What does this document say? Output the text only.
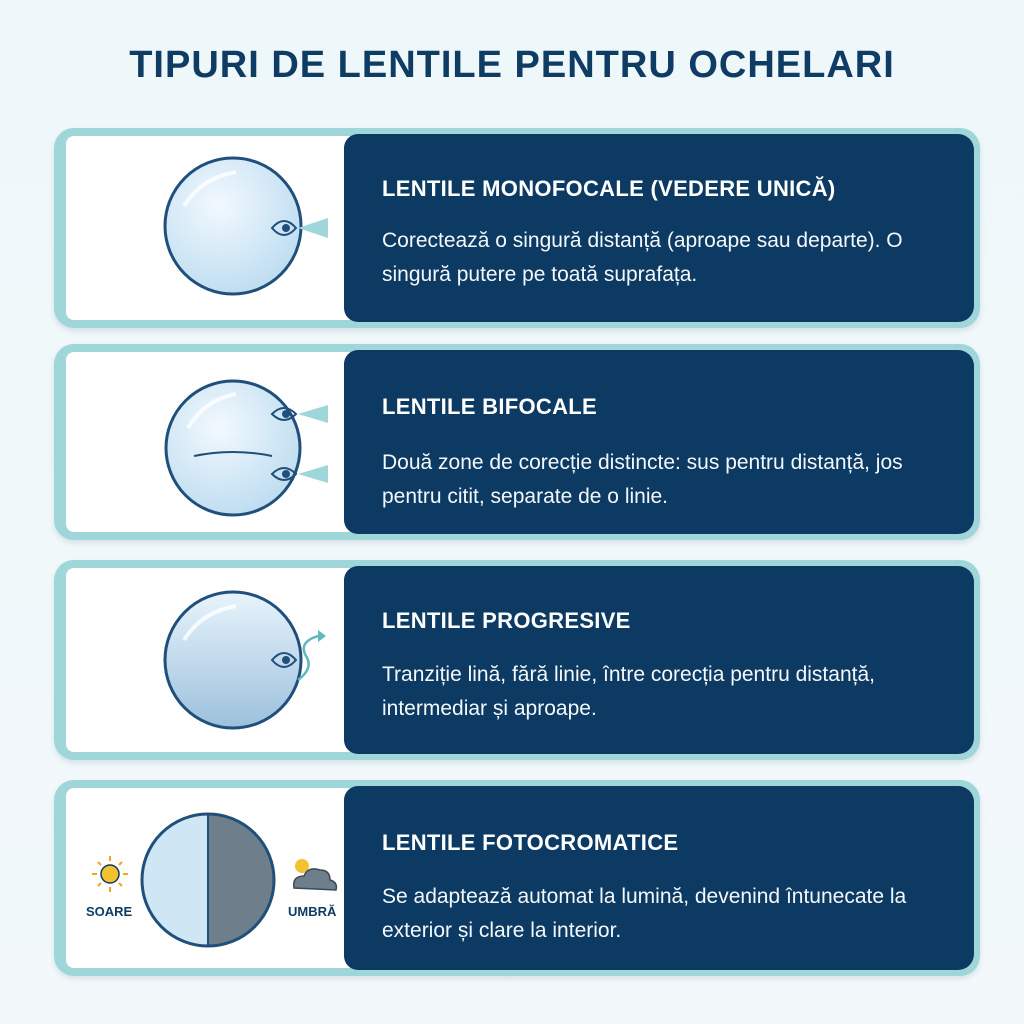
TIPURI DE LENTILE PENTRU OCHELARI
LENTILE MONOFOCALE (VEDERE UNICĂ)
Corectează o singură distanță (aproape sau departe). O singură putere pe toată suprafața.
LENTILE BIFOCALE
Două zone de corecție distincte: sus pentru distanță, jos pentru citit, separate de o linie.
LENTILE PROGRESIVE
Tranziție lină, fără linie, între corecția pentru distanță, intermediar și aproape.
SOARE	UMBRĂ
LENTILE FOTOCROMATICE
Se adaptează automat la lumină, devenind întunecate la exterior și clare la interior.
